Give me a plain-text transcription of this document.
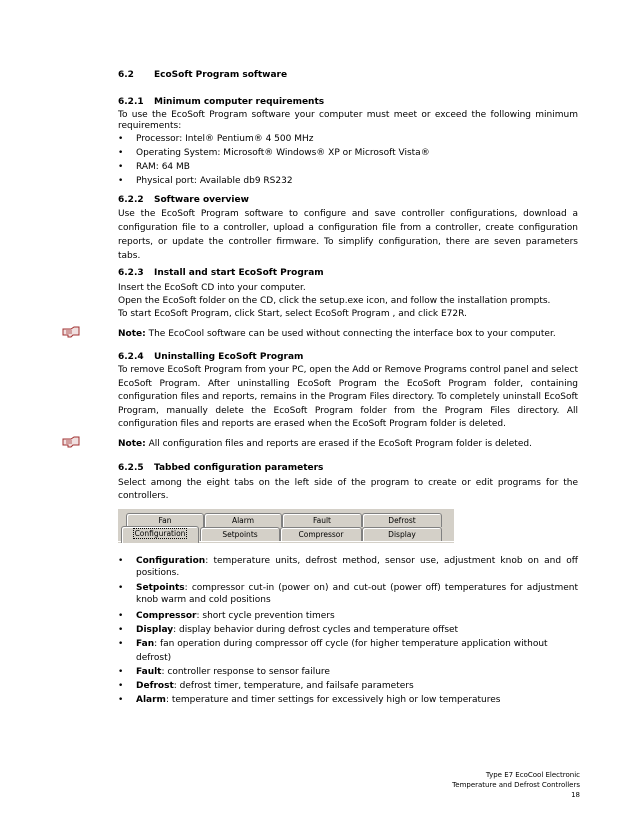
6.2 EcoSoft Program software
6.2.1 Minimum computer requirements
To use the EcoSoft Program software your computer must meet or exceed the following minimum requirements:
• Processor: Intel® Pentium® 4 500 MHz
• Operating System: Microsoft® Windows® XP or Microsoft Vista®
• RAM: 64 MB
• Physical port: Available db9 RS232
6.2.2 Software overview
Use the EcoSoft Program software to configure and save controller configurations, download a configuration file to a controller, upload a configuration file from a controller, create configuration reports, or update the controller firmware. To simplify configuration, there are seven parameters tabs.
6.2.3 Install and start EcoSoft Program
Insert the EcoSoft CD into your computer.
Open the EcoSoft folder on the CD, click the setup.exe icon, and follow the installation prompts.
To start EcoSoft Program, click Start, select EcoSoft Program , and click E72R.
Note: The EcoCool software can be used without connecting the interface box to your computer.
6.2.4 Uninstalling EcoSoft Program
To remove EcoSoft Program from your PC, open the Add or Remove Programs control panel and select EcoSoft Program. After uninstalling EcoSoft Program the EcoSoft Program folder, containing configuration files and reports, remains in the Program Files directory. To completely uninstall EcoSoft Program, manually delete the EcoSoft Program folder from the Program Files directory. All configuration files and reports are erased when the EcoSoft Program folder is deleted.
Note: All configuration files and reports are erased if the EcoSoft Program folder is deleted.
6.2.5 Tabbed configuration parameters
Select among the eight tabs on the left side of the program to create or edit programs for the controllers.
Fan	Alarm	Fault	Defrost
Configuration	Setpoints	Compressor	Display
• Configuration: temperature units, defrost method, sensor use, adjustment knob on and off positions.
• Setpoints: compressor cut-in (power on) and cut-out (power off) temperatures for adjustment knob warm and cold positions
• Compressor: short cycle prevention timers
• Display: display behavior during defrost cycles and temperature offset
• Fan: fan operation during compressor off cycle (for higher temperature application without defrost)
• Fault: controller response to sensor failure
• Defrost: defrost timer, temperature, and failsafe parameters
• Alarm: temperature and timer settings for excessively high or low temperatures
Type E7 EcoCool Electronic
Temperature and Defrost Controllers
18
